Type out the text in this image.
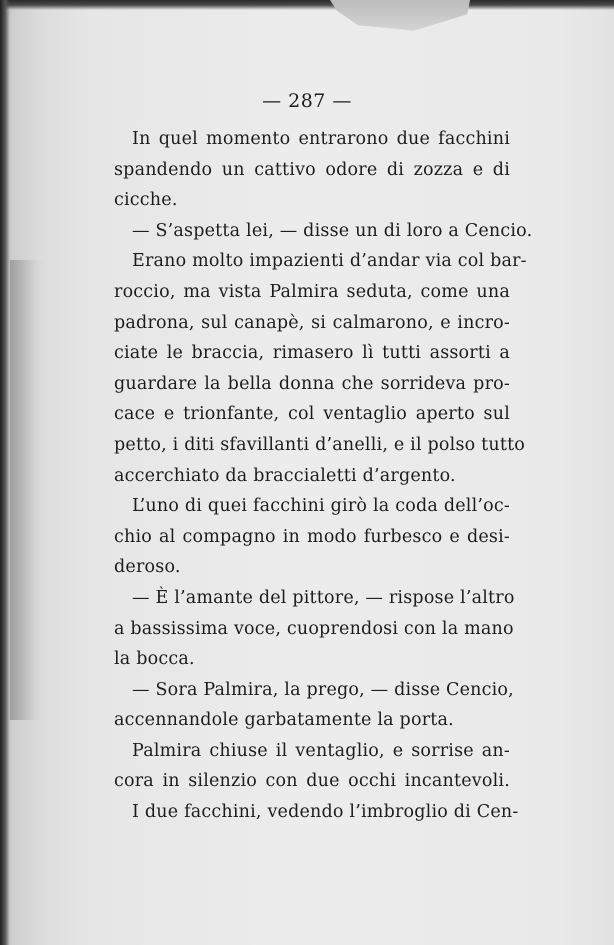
— 287 —
In quel momento entrarono due facchini
spandendo un cattivo odore di zozza e di
cicche.
— S’aspetta lei, — disse un di loro a Cencio.
Erano molto impazienti d’andar via col bar-
roccio, ma vista Palmira seduta, come una
padrona, sul canapè, si calmarono, e incro-
ciate le braccia, rimasero lì tutti assorti a
guardare la bella donna che sorrideva pro-
cace e trionfante, col ventaglio aperto sul
petto, i diti sfavillanti d’anelli, e il polso tutto
accerchiato da braccialetti d’argento.
L’uno di quei facchini girò la coda dell’oc-
chio al compagno in modo furbesco e desi-
deroso.
— È l’amante del pittore, — rispose l’altro
a bassissima voce, cuoprendosi con la mano
la bocca.
— Sora Palmira, la prego, — disse Cencio,
accennandole garbatamente la porta.
Palmira chiuse il ventaglio, e sorrise an-
cora in silenzio con due occhi incantevoli.
I due facchini, vedendo l’imbroglio di Cen-
